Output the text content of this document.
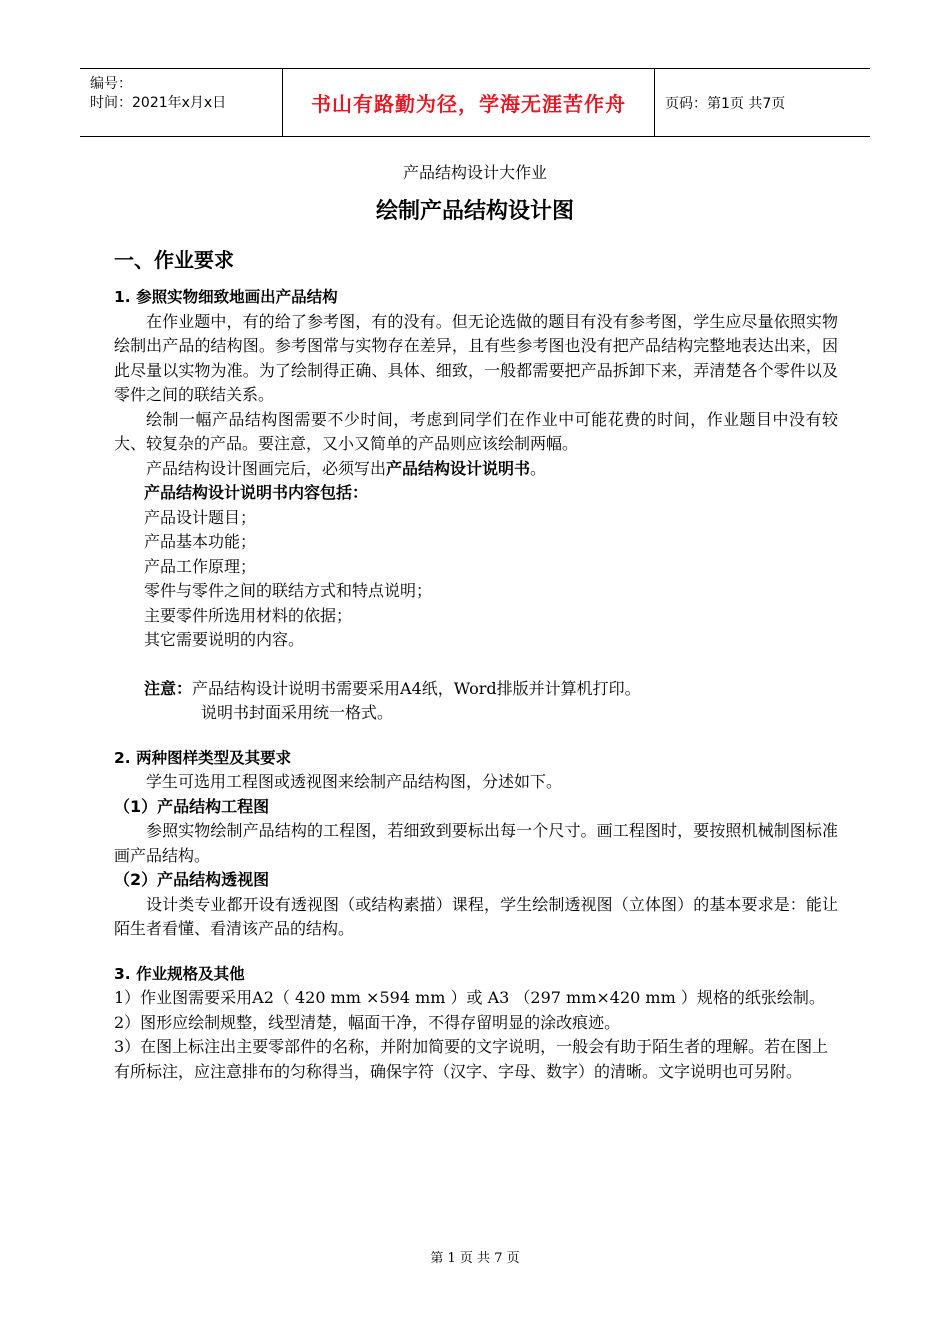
编号：
时间：2021年x月x日	书山有路勤为径，学海无涯苦作舟	页码：第1页 共7页
产品结构设计大作业
绘制产品结构设计图
一、作业要求
1. 参照实物细致地画出产品结构
在作业题中，有的给了参考图，有的没有。但无论选做的题目有没有参考图，学生应尽量依照实物绘制出产品的结构图。参考图常与实物存在差异，且有些参考图也没有把产品结构完整地表达出来，因此尽量以实物为准。为了绘制得正确、具体、细致，一般都需要把产品拆卸下来，弄清楚各个零件以及零件之间的联结关系。
绘制一幅产品结构图需要不少时间，考虑到同学们在作业中可能花费的时间，作业题目中没有较大、较复杂的产品。要注意，又小又简单的产品则应该绘制两幅。
产品结构设计图画完后，必须写出产品结构设计说明书。
产品结构设计说明书内容包括：
产品设计题目；
产品基本功能；
产品工作原理；
零件与零件之间的联结方式和特点说明；
主要零件所选用材料的依据；
其它需要说明的内容。
注意：产品结构设计说明书需要采用A4纸，Word排版并计算机打印。
说明书封面采用统一格式。
2. 两种图样类型及其要求
学生可选用工程图或透视图来绘制产品结构图，分述如下。
（1）产品结构工程图
参照实物绘制产品结构的工程图，若细致到要标出每一个尺寸。画工程图时，要按照机械制图标准画产品结构。
（2）产品结构透视图
设计类专业都开设有透视图（或结构素描）课程，学生绘制透视图（立体图）的基本要求是：能让陌生者看懂、看清该产品的结构。
3. 作业规格及其他
1）作业图需要采用A2（ 420 mm ×594 mm ）或 A3 （297 mm×420 mm ）规格的纸张绘制。
2）图形应绘制规整，线型清楚，幅面干净，不得存留明显的涂改痕迹。
3）在图上标注出主要零部件的名称，并附加简要的文字说明，一般会有助于陌生者的理解。若在图上有所标注，应注意排布的匀称得当，确保字符（汉字、字母、数字）的清晰。文字说明也可另附。
第 1 页 共 7 页
